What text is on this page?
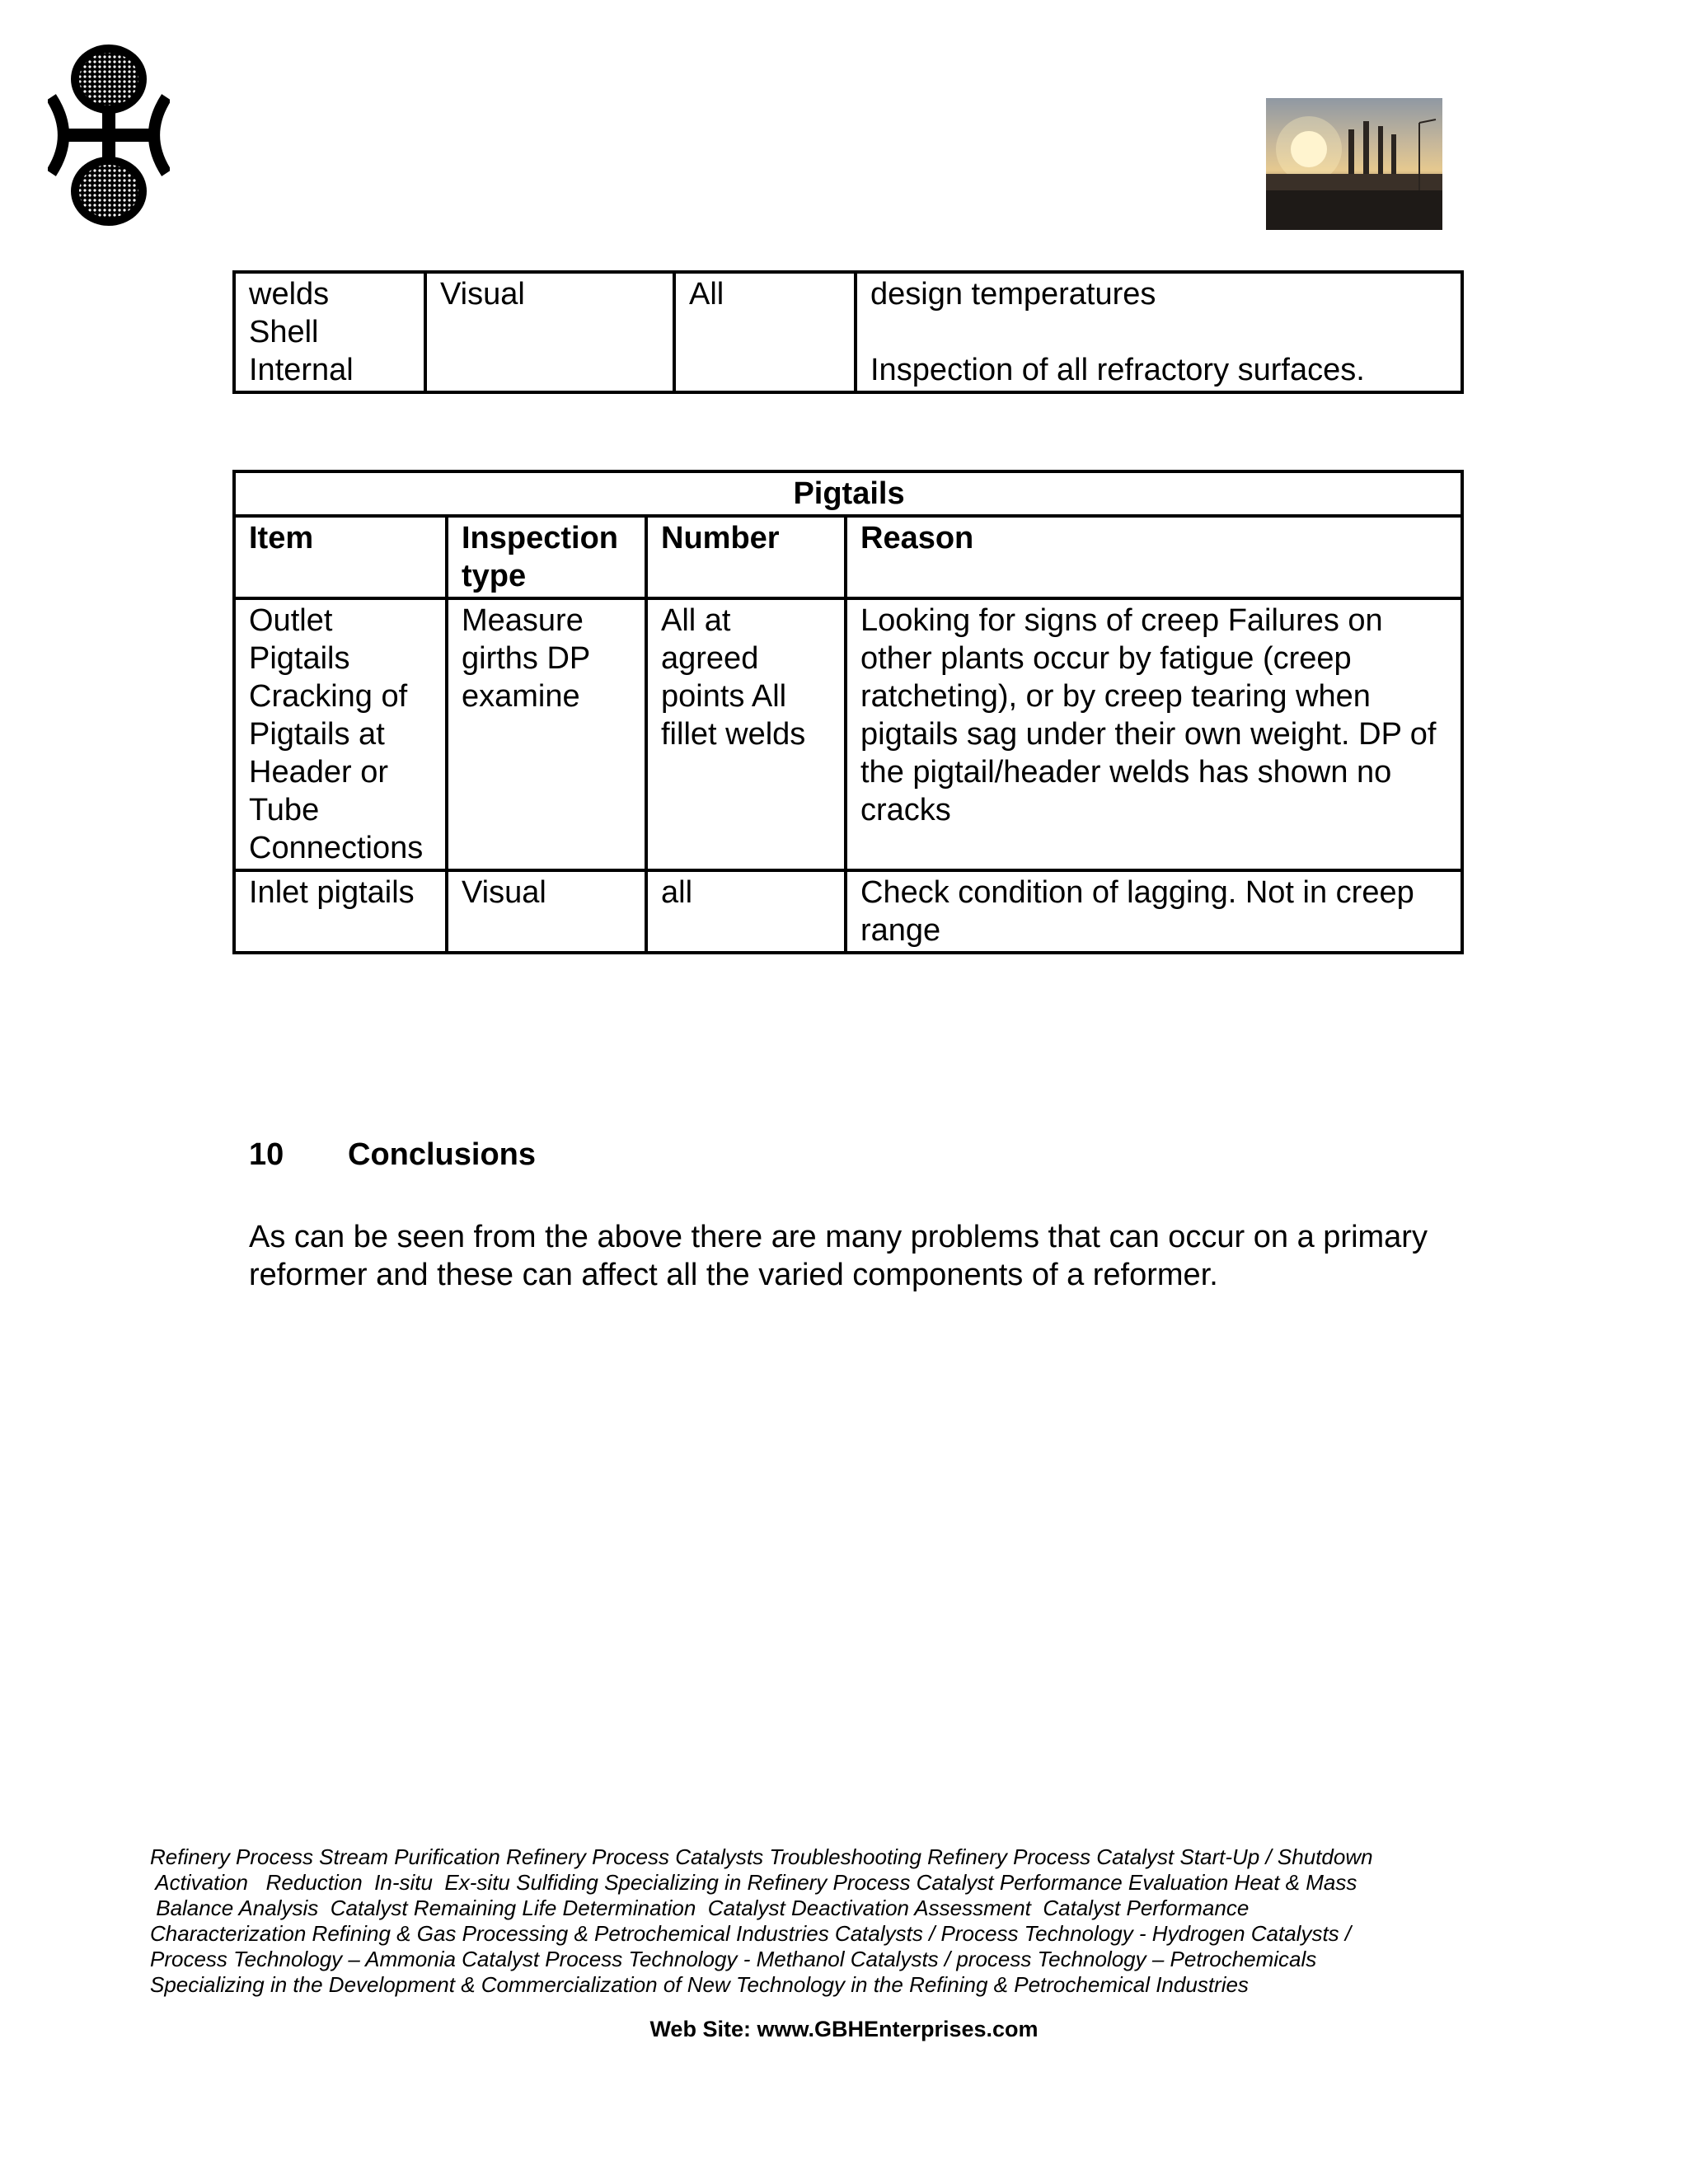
welds
Shell
Internal
	Visual	All	design temperatures
Inspection of all refractory surfaces.
Pigtails			
Item	Inspection type	Number	Reason
Outlet Pigtails Cracking of Pigtails at Header or Tube Connections	Measure girths DP examine	All at agreed points All fillet welds	Looking for signs of creep Failures on other plants occur by fatigue (creep ratcheting), or by creep tearing when pigtails sag under their own weight. DP of the pigtail/header welds has shown no cracks
Inlet pigtails	Visual	all	Check condition of lagging. Not in creep range
10 Conclusions
As can be seen from the above there are many problems that can occur on a primary reformer and these can affect all the varied components of a reformer.
Refinery Process Stream Purification Refinery Process Catalysts Troubleshooting Refinery Process Catalyst Start-Up / Shutdown
Activation   Reduction  In-situ  Ex-situ Sulfiding Specializing in Refinery Process Catalyst Performance Evaluation Heat & Mass
Balance Analysis  Catalyst Remaining Life Determination  Catalyst Deactivation Assessment  Catalyst Performance
Characterization Refining & Gas Processing & Petrochemical Industries Catalysts / Process Technology - Hydrogen Catalysts /
Process Technology – Ammonia Catalyst Process Technology - Methanol Catalysts / process Technology – Petrochemicals
Specializing in the Development & Commercialization of New Technology in the Refining & Petrochemical Industries
Web Site: www.GBHEnterprises.com
